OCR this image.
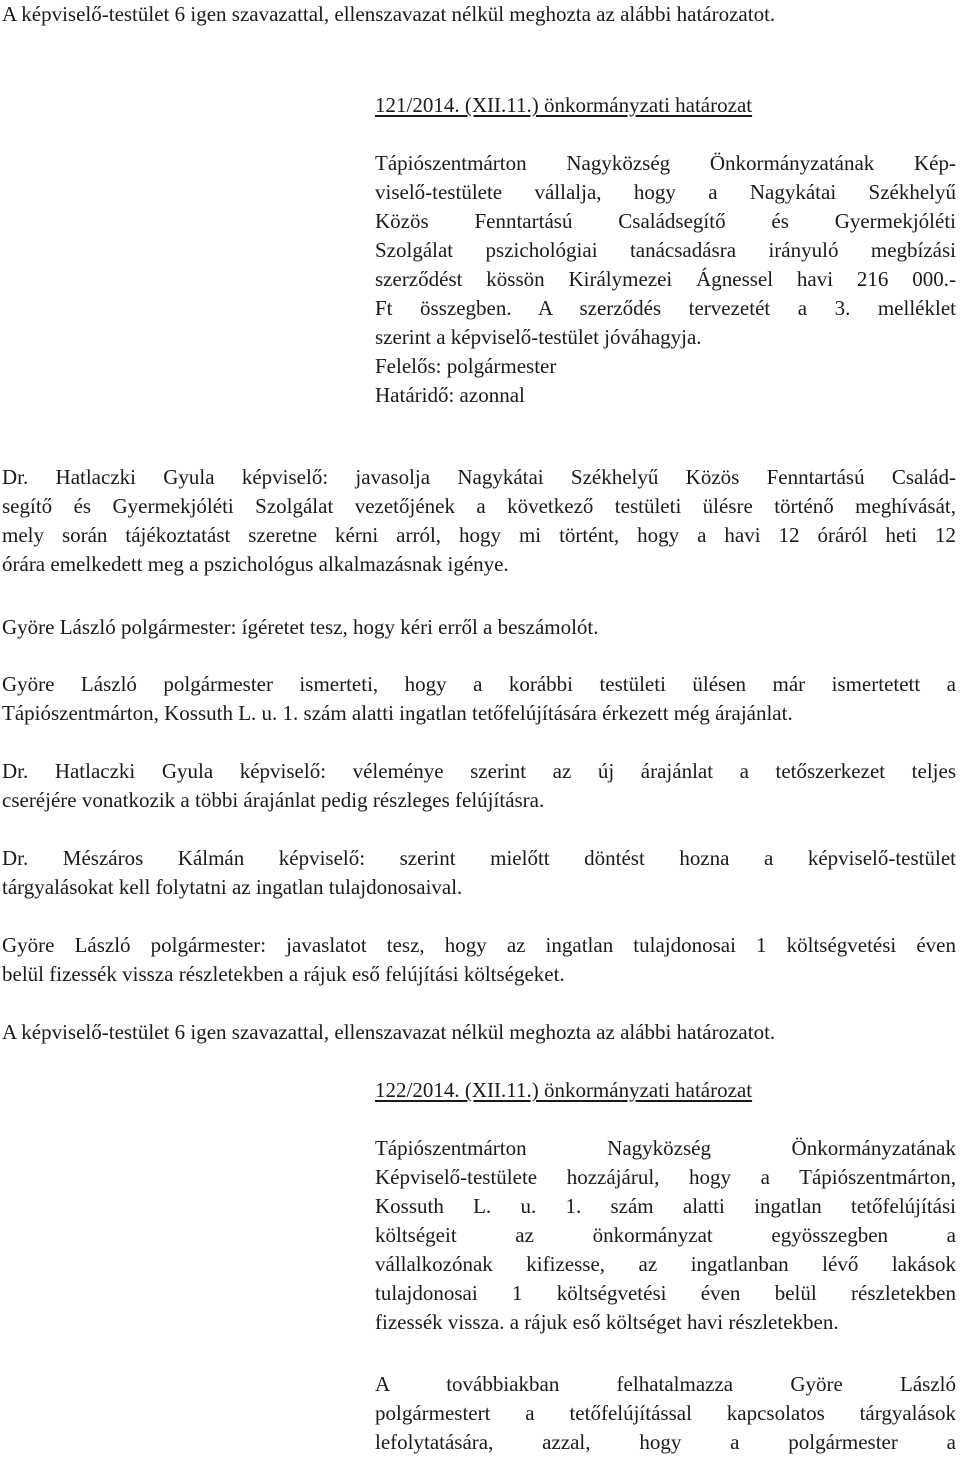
A képviselő-testület 6 igen szavazattal, ellenszavazat nélkül meghozta az alábbi határozatot.
121/2014. (XII.11.) önkormányzati határozat
Tápiószentmárton Nagyközség Önkormányzatának Kép-
viselő-testülete vállalja, hogy a Nagykátai Székhelyű
Közös Fenntartású Családsegítő és Gyermekjóléti
Szolgálat pszichológiai tanácsadásra irányuló megbízási
szerződést kössön Királymezei Ágnessel havi 216 000.-
Ft összegben. A szerződés tervezetét a 3. melléklet
szerint a képviselő-testület jóváhagyja.
Felelős: polgármester
Határidő: azonnal
Dr. Hatlaczki Gyula képviselő: javasolja Nagykátai Székhelyű Közös Fenntartású Család-
segítő és Gyermekjóléti Szolgálat vezetőjének a következő testületi ülésre történő meghívását,
mely során tájékoztatást szeretne kérni arról, hogy mi történt, hogy a havi 12 óráról heti 12
órára emelkedett meg a pszichológus alkalmazásnak igénye.
Györe László polgármester: ígéretet tesz, hogy kéri erről a beszámolót.
Györe László polgármester ismerteti, hogy a korábbi testületi ülésen már ismertetett a
Tápiószentmárton, Kossuth L. u. 1. szám alatti ingatlan tetőfelújítására érkezett még árajánlat.
Dr. Hatlaczki Gyula képviselő: véleménye szerint az új árajánlat a tetőszerkezet teljes
cseréjére vonatkozik a többi árajánlat pedig részleges felújításra.
Dr. Mészáros Kálmán képviselő: szerint mielőtt döntést hozna a képviselő-testület
tárgyalásokat kell folytatni az ingatlan tulajdonosaival.
Györe László polgármester: javaslatot tesz, hogy az ingatlan tulajdonosai 1 költségvetési éven
belül fizessék vissza részletekben a rájuk eső felújítási költségeket.
A képviselő-testület 6 igen szavazattal, ellenszavazat nélkül meghozta az alábbi határozatot.
122/2014. (XII.11.) önkormányzati határozat
Tápiószentmárton Nagyközség Önkormányzatának
Képviselő-testülete hozzájárul, hogy a Tápiószentmárton,
Kossuth L. u. 1. szám alatti ingatlan tetőfelújítási
költségeit az önkormányzat egyösszegben a
vállalkozónak kifizesse, az ingatlanban lévő lakások
tulajdonosai 1 költségvetési éven belül részletekben
fizessék vissza. a rájuk eső költséget havi részletekben.
A továbbiakban felhatalmazza Györe László
polgármestert a tetőfelújítással kapcsolatos tárgyalások
lefolytatására, azzal, hogy a polgármester a
